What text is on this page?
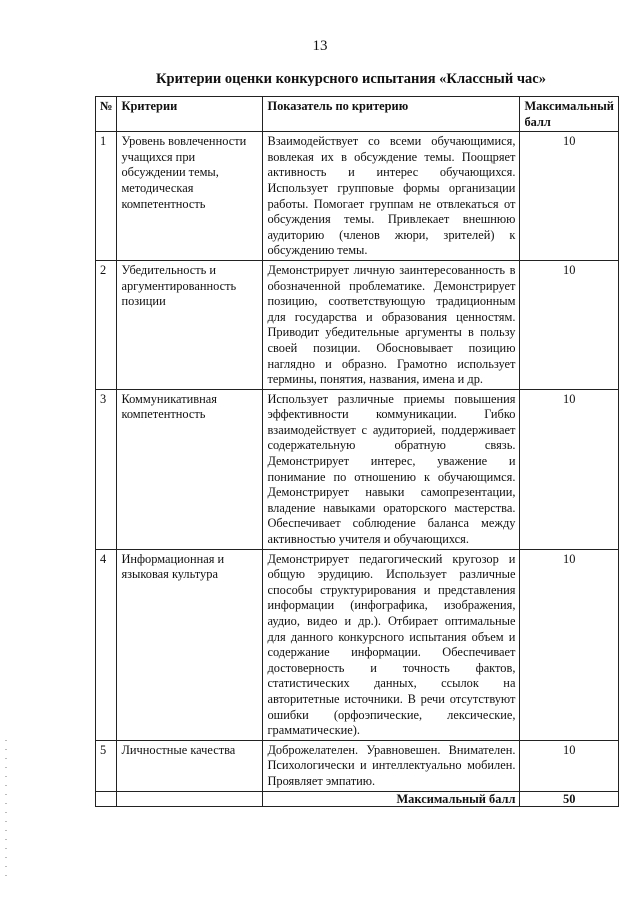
13
Критерии оценки конкурсного испытания «Классный час»
№	Критерии	Показатель по критерию	Максимальный балл
1	Уровень вовлеченности учащихся при обсуждении темы, методическая компетентность	Взаимодействует со всеми обучающимися, вовлекая их в обсуждение темы. Поощряет активность и интерес обучающихся. Использует групповые формы организации работы. Помогает группам не отвлекаться от обсуждения темы. Привлекает внешнюю аудиторию (членов жюри, зрителей) к обсуждению темы.	10
2	Убедительность и аргументированность позиции	Демонстрирует личную заинтересованность в обозначенной проблематике. Демонстрирует позицию, соответствующую традиционным для государства и образования ценностям. Приводит убедительные аргументы в пользу своей позиции. Обосновывает позицию наглядно и образно. Грамотно использует термины, понятия, названия, имена и др.	10
3	Коммуникативная компетентность	Использует различные приемы повышения эффективности коммуникации. Гибко взаимодействует с аудиторией, поддерживает содержательную обратную связь. Демонстрирует интерес, уважение и понимание по отношению к обучающимся. Демонстрирует навыки самопрезентации, владение навыками ораторского мастерства. Обеспечивает соблюдение баланса между активностью учителя и обучающихся.	10
4	Информационная и языковая культура	Демонстрирует педагогический кругозор и общую эрудицию. Использует различные способы структурирования и представления информации (инфографика, изображения, аудио, видео и др.). Отбирает оптимальные для данного конкурсного испытания объем и содержание информации. Обеспечивает достоверность и точность фактов, статистических данных, ссылок на авторитетные источники. В речи отсутствуют ошибки (орфоэпические, лексические, грамматические).	10
5	Личностные качества	Доброжелателен. Уравновешен. Внимателен. Психологически и интеллектуально мобилен. Проявляет эмпатию.	10
		Максимальный балл	50
